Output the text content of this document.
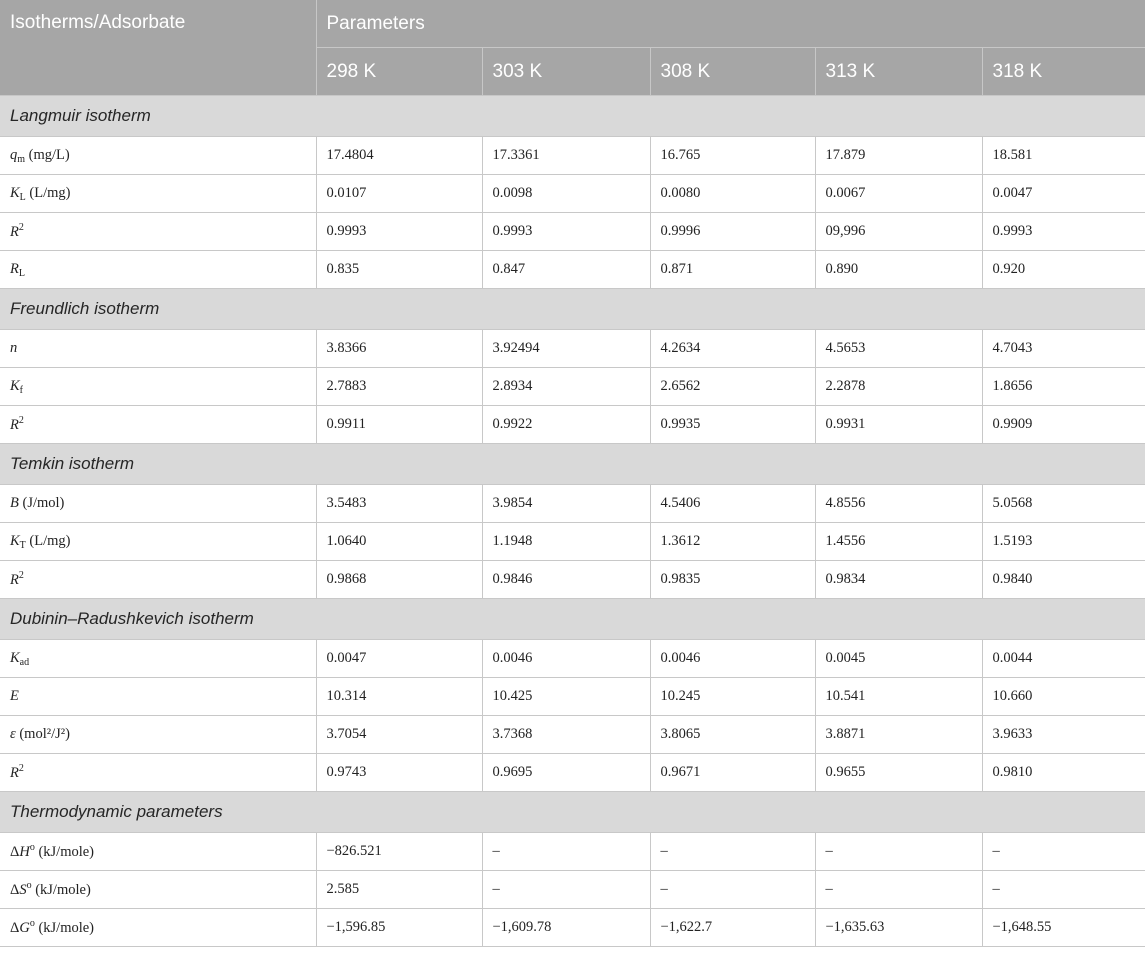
Isotherms/Adsorbate	Parameters				
	298 K	303 K	308 K	313 K	318 K
Langmuir isotherm					
$q_m$ (mg/L)	17.4804	17.3361	16.765	17.879	18.581
$K_L$ (L/mg)	0.0107	0.0098	0.0080	0.0067	0.0047
$R^2$	0.9993	0.9993	0.9996	09,996	0.9993
$R_L$	0.835	0.847	0.871	0.890	0.920
Freundlich isotherm					
n	3.8366	3.92494	4.2634	4.5653	4.7043
$K_f$	2.7883	2.8934	2.6562	2.2878	1.8656
$R^2$	0.9911	0.9922	0.9935	0.9931	0.9909
Temkin isotherm					
B (J/mol)	3.5483	3.9854	4.5406	4.8556	5.0568
$K_T$ (L/mg)	1.0640	1.1948	1.3612	1.4556	1.5193
$R^2$	0.9868	0.9846	0.9835	0.9834	0.9840
Dubinin–Radushkevich isotherm					
$K_{ad}$	0.0047	0.0046	0.0046	0.0045	0.0044
E	10.314	10.425	10.245	10.541	10.660
ε (mol²/J²)	3.7054	3.7368	3.8065	3.8871	3.9633
$R^2$	0.9743	0.9695	0.9671	0.9655	0.9810
Thermodynamic parameters					
$\Delta H^o$ (kJ/mole)	−826.521	–	–	–	–
$\Delta S^o$ (kJ/mole)	2.585	–	–	–	–
$\Delta G^o$ (kJ/mole)	−1,596.85	−1,609.78	−1,622.7	−1,635.63	−1,648.55
